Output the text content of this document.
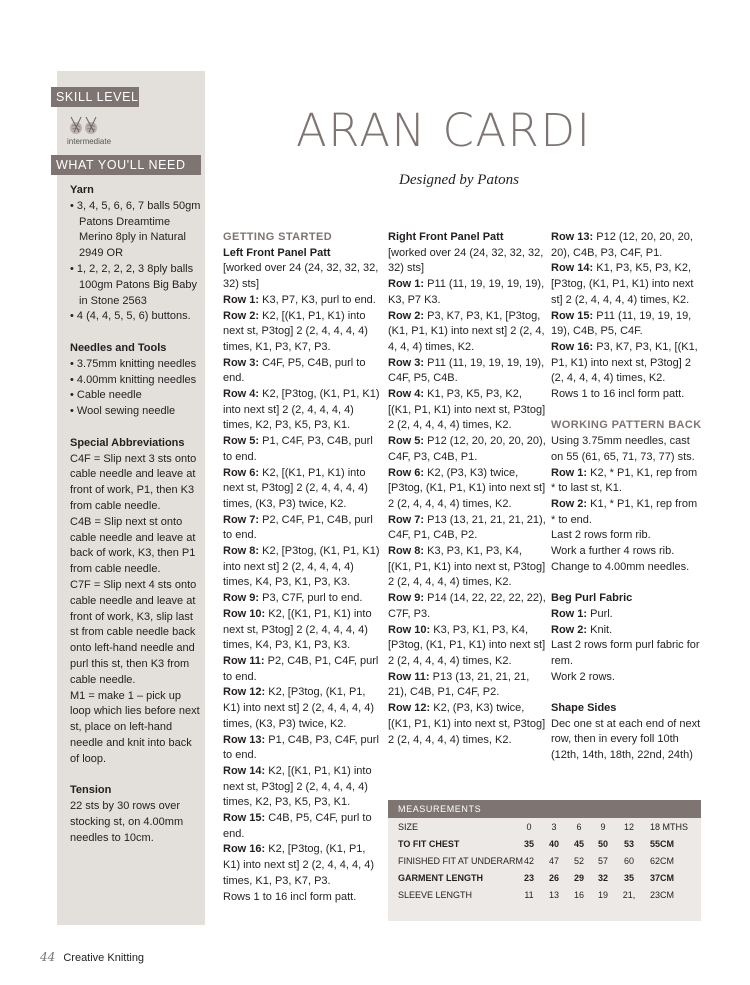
SKILL LEVEL
intermediate
WHAT YOU'LL NEED
Yarn
• 3, 4, 5, 6, 6, 7 balls 50gm Patons Dreamtime Merino 8ply in Natural 2949 OR
• 1, 2, 2, 2, 2, 3 8ply balls 100gm Patons Big Baby in Stone 2563
• 4 (4, 4, 5, 5, 6) buttons.
Needles and Tools
• 3.75mm knitting needles
• 4.00mm knitting needles
• Cable needle
• Wool sewing needle
Special Abbreviations
C4F = Slip next 3 sts onto cable needle and leave at front of work, P1, then K3 from cable needle.
C4B = Slip next st onto cable needle and leave at back of work, K3, then P1 from cable needle.
C7F = Slip next 4 sts onto cable needle and leave at front of work, K3, slip last st from cable needle back onto left-hand needle and purl this st, then K3 from cable needle.
M1 = make 1 – pick up loop which lies before next st, place on left-hand needle and knit into back of loop.
Tension
22 sts by 30 rows over stocking st, on 4.00mm needles to 10cm.
ARAN CARDI
Designed by Patons
GETTING STARTED
Left Front Panel Patt
[worked over 24 (24, 32, 32, 32, 32) sts]
Row 1: K3, P7, K3, purl to end.
Row 2: K2, [(K1, P1, K1) into next st, P3tog] 2 (2, 4, 4, 4, 4) times, K1, P3, K7, P3.
Row 3: C4F, P5, C4B, purl to end.
Row 4: K2, [P3tog, (K1, P1, K1) into next st] 2 (2, 4, 4, 4, 4) times, K2, P3, K5, P3, K1.
Row 5: P1, C4F, P3, C4B, purl to end.
Row 6: K2, [(K1, P1, K1) into next st, P3tog] 2 (2, 4, 4, 4, 4) times, (K3, P3) twice, K2.
Row 7: P2, C4F, P1, C4B, purl to end.
Row 8: K2, [P3tog, (K1, P1, K1) into next st] 2 (2, 4, 4, 4, 4) times, K4, P3, K1, P3, K3.
Row 9: P3, C7F, purl to end.
Row 10: K2, [(K1, P1, K1) into next st, P3tog] 2 (2, 4, 4, 4, 4) times, K4, P3, K1, P3, K3.
Row 11: P2, C4B, P1, C4F, purl to end.
Row 12: K2, [P3tog, (K1, P1, K1) into next st] 2 (2, 4, 4, 4, 4) times, (K3, P3) twice, K2.
Row 13: P1, C4B, P3, C4F, purl to end.
Row 14: K2, [(K1, P1, K1) into next st, P3tog] 2 (2, 4, 4, 4, 4) times, K2, P3, K5, P3, K1.
Row 15: C4B, P5, C4F, purl to end.
Row 16: K2, [P3tog, (K1, P1, K1) into next st] 2 (2, 4, 4, 4, 4) times, K1, P3, K7, P3.
Rows 1 to 16 incl form patt.
Right Front Panel Patt
[worked over 24 (24, 32, 32, 32, 32) sts]
Row 1: P11 (11, 19, 19, 19, 19), K3, P7 K3.
Row 2: P3, K7, P3, K1, [P3tog, (K1, P1, K1) into next st] 2 (2, 4, 4, 4, 4) times, K2.
Row 3: P11 (11, 19, 19, 19, 19), C4F, P5, C4B.
Row 4: K1, P3, K5, P3, K2, [(K1, P1, K1) into next st, P3tog] 2 (2, 4, 4, 4, 4) times, K2.
Row 5: P12 (12, 20, 20, 20, 20), C4F, P3, C4B, P1.
Row 6: K2, (P3, K3) twice, [P3tog, (K1, P1, K1) into next st] 2 (2, 4, 4, 4, 4) times, K2.
Row 7: P13 (13, 21, 21, 21, 21), C4F, P1, C4B, P2.
Row 8: K3, P3, K1, P3, K4, [(K1, P1, K1) into next st, P3tog] 2 (2, 4, 4, 4, 4) times, K2.
Row 9: P14 (14, 22, 22, 22, 22), C7F, P3.
Row 10: K3, P3, K1, P3, K4, [P3tog, (K1, P1, K1) into next st] 2 (2, 4, 4, 4, 4) times, K2.
Row 11: P13 (13, 21, 21, 21, 21), C4B, P1, C4F, P2.
Row 12: K2, (P3, K3) twice, [(K1, P1, K1) into next st, P3tog] 2 (2, 4, 4, 4, 4) times, K2.
Row 13: P12 (12, 20, 20, 20, 20), C4B, P3, C4F, P1.
Row 14: K1, P3, K5, P3, K2, [P3tog, (K1, P1, K1) into next st] 2 (2, 4, 4, 4, 4) times, K2.
Row 15: P11 (11, 19, 19, 19, 19), C4B, P5, C4F.
Row 16: P3, K7, P3, K1, [(K1, P1, K1) into next st, P3tog] 2 (2, 4, 4, 4, 4) times, K2.
Rows 1 to 16 incl form patt.
WORKING PATTERN BACK
Using 3.75mm needles, cast on 55 (61, 65, 71, 73, 77) sts.
Row 1: K2, * P1, K1, rep from * to last st, K1.
Row 2: K1, * P1, K1, rep from * to end.
Last 2 rows form rib.
Work a further 4 rows rib. Change to 4.00mm needles.
Beg Purl Fabric
Row 1: Purl.
Row 2: Knit.
Last 2 rows form purl fabric for rem.
Work 2 rows.
Shape Sides
Dec one st at each end of next row, then in every foll 10th (12th, 14th, 18th, 22nd, 24th)
MEASUREMENTS
SIZE	0	3	6	9	12	18 MTHS
TO FIT CHEST	35	40	45	50	53	55CM
FINISHED FIT AT UNDERARM 42	47	52	57	60	62CM
GARMENT LENGTH	23	26	29	32	35	37CM
SLEEVE LENGTH	11	13	16	19	21,	23CM
44 Creative Knitting
